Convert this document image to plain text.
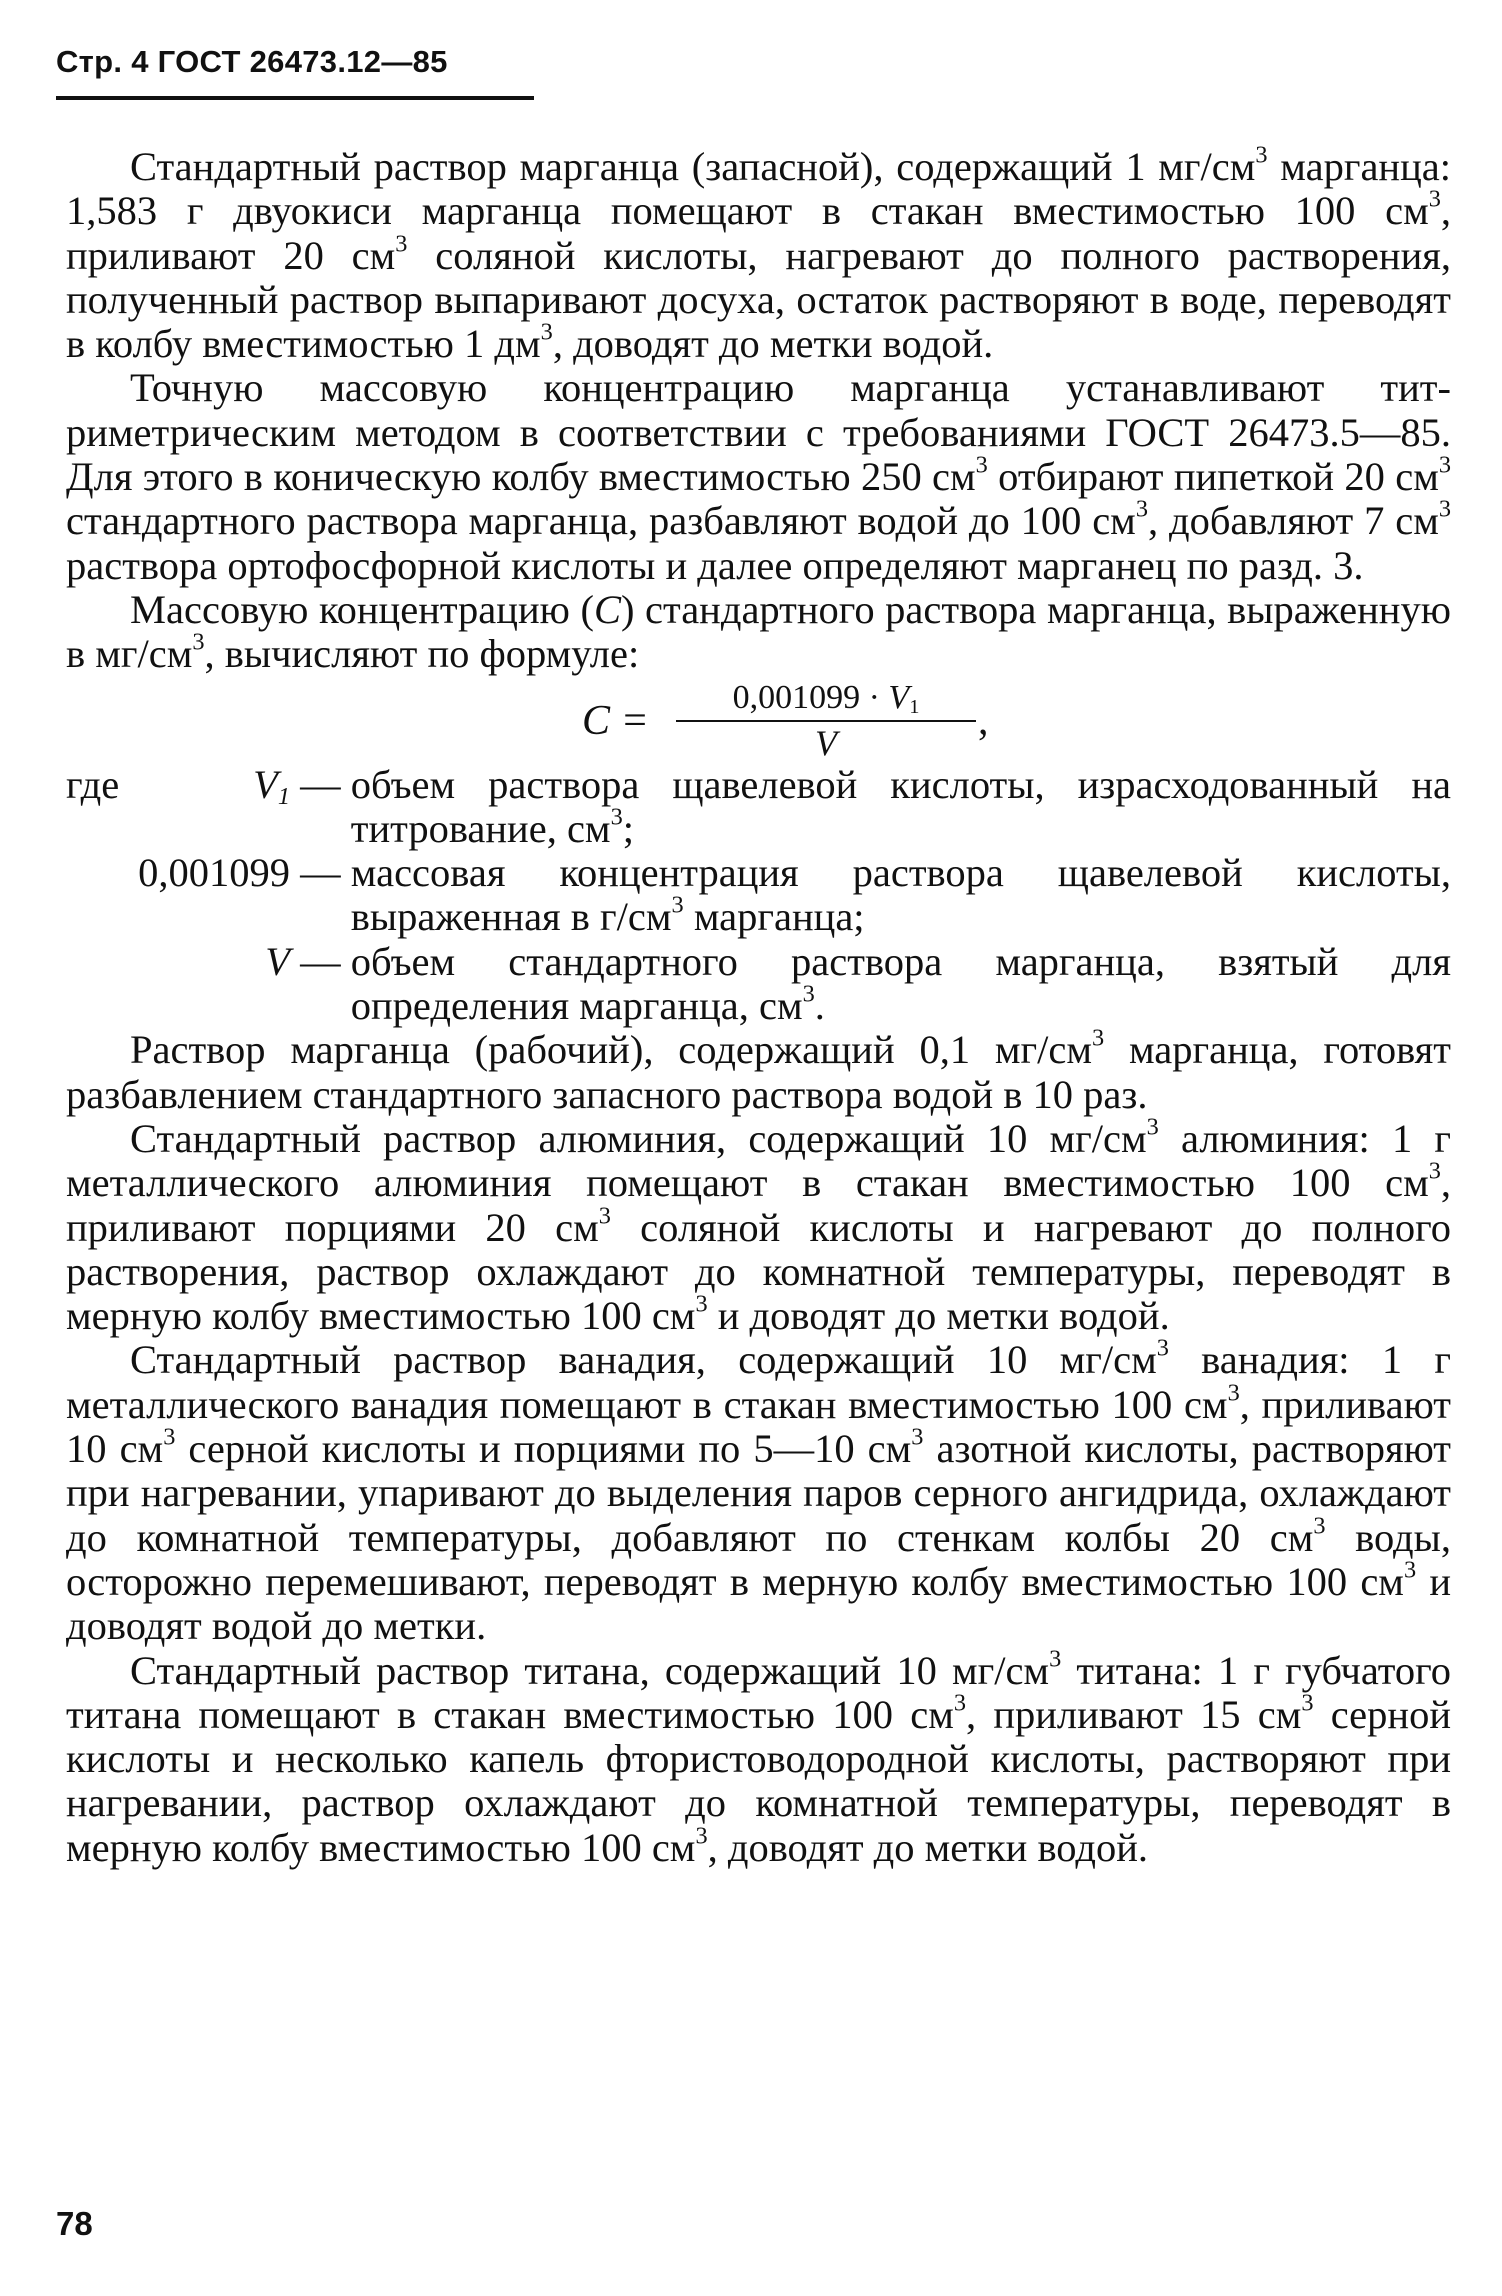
Стр. 4 ГОСТ 26473.12—85

Стандартный раствор марганца (запасной), содержащий 1 $мг/см^3$ марганца: 1,583 г двуокиси марганца помещают в стакан вместимостью 100 $см^3$, приливают 20 $см^3$ соляной кислоты, нагревают до полного растворения, полученный раствор выпаривают досуха, остаток растворяют в воде, переводят в колбу вместимостью 1 $дм^3$, доводят до метки водой.

Точную массовую концентрацию марганца устанавливают титриметрическим методом в соответствии с требованиями ГОСТ 26473.5—85. Для этого в коническую колбу вместимостью 250 $см^3$ отбирают пипеткой 20 $см^3$ стандартного раствора марганца, разбавляют водой до 100 $см^3$, добавляют 7 $см^3$ раствора ортофосфорной кислоты и далее определяют марганец по разд. 3.

Массовую концентрацию (C) стандартного раствора марганца, выраженную в $мг/см^3$, вычисляют по формуле:

C =
$0,001099 \cdot V_1$
V	,
где	$V_1$ — объем раствора щавелевой кислоты, израсходованный на титрование, $см^3$;
0,001099 — массовая концентрация раствора щавелевой кислоты, выраженная в $г/см^3$ марганца;
V — объем стандартного раствора марганца, взятый для определения марганца, $см^3$.

Раствор марганца (рабочий), содержащий 0,1 $мг/см^3$ марганца, готовят разбавлением стандартного запасного раствора водой в 10 раз.

Стандартный раствор алюминия, содержащий 10 $мг/см^3$ алюминия: 1 г металлического алюминия помещают в стакан вместимостью 100 $см^3$, приливают порциями 20 $см^3$ соляной кислоты и нагревают до полного растворения, раствор охлаждают до комнатной температуры, переводят в мерную колбу вместимостью 100 $см^3$ и доводят до метки водой.

Стандартный раствор ванадия, содержащий 10 $мг/см^3$ ванадия: 1 г металлического ванадия помещают в стакан вместимостью 100 $см^3$, приливают 10 $см^3$ серной кислоты и порциями по 5—10 $см^3$ азотной кислоты, растворяют при нагревании, упаривают до выделения паров серного ангидрида, охлаждают до комнатной температуры, добавляют по стенкам колбы 20 $см^3$ воды, осторожно перемешивают, переводят в мерную колбу вместимостью 100 $см^3$ и доводят водой до метки.

Стандартный раствор титана, содержащий 10 $мг/см^3$ титана: 1 г губчатого титана помещают в стакан вместимостью 100 $см^3$, приливают 15 $см^3$ серной кислоты и несколько капель фтористоводородной кислоты, растворяют при нагревании, раствор охлаждают до комнатной температуры, переводят в мерную колбу вместимостью 100 $см^3$, доводят до метки водой.

78
